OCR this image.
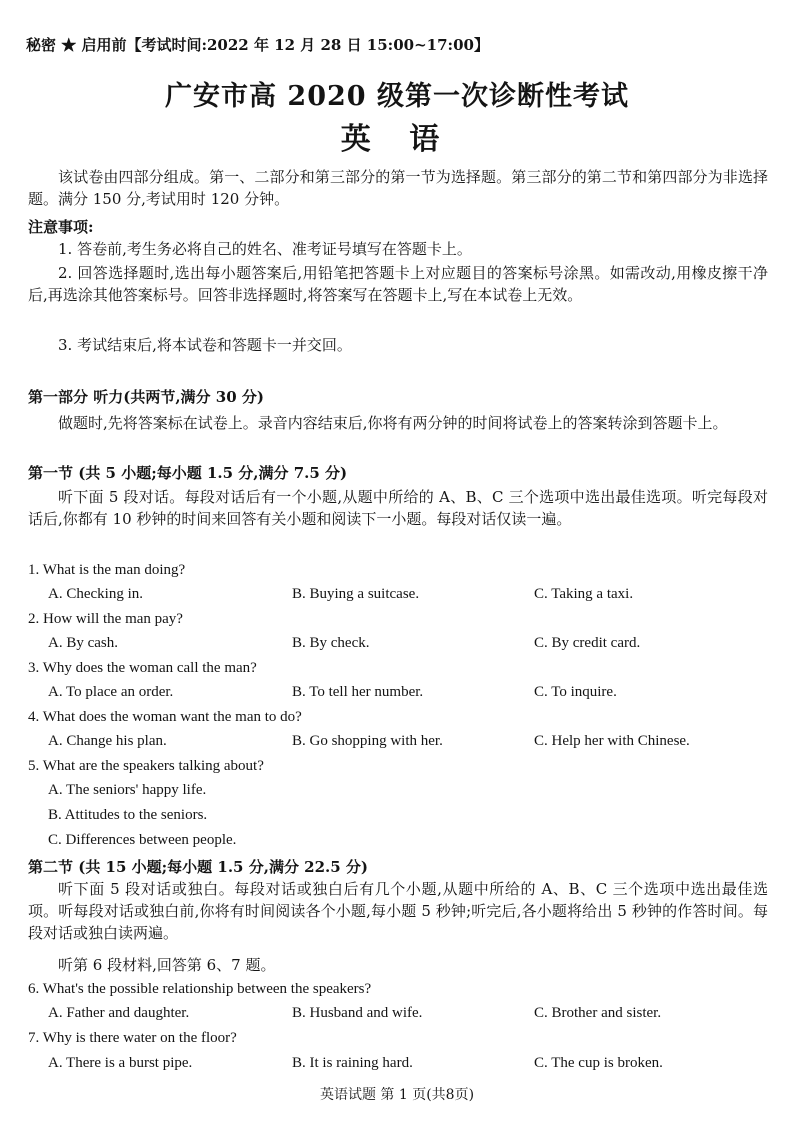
秘密 ★ 启用前【考试时间:2022 年 12 月 28 日 15:00~17:00】
广安市高 2020 级第一次诊断性考试
英 语
该试卷由四部分组成。第一、二部分和第三部分的第一节为选择题。第三部分的第二节和第四部分为非选择题。满分 150 分,考试用时 120 分钟。
注意事项:
1. 答卷前,考生务必将自己的姓名、准考证号填写在答题卡上。
2. 回答选择题时,选出每小题答案后,用铅笔把答题卡上对应题目的答案标号涂黑。如需改动,用橡皮擦干净后,再选涂其他答案标号。回答非选择题时,将答案写在答题卡上,写在本试卷上无效。
3. 考试结束后,将本试卷和答题卡一并交回。
第一部分 听力(共两节,满分 30 分)
做题时,先将答案标在试卷上。录音内容结束后,你将有两分钟的时间将试卷上的答案转涂到答题卡上。
第一节 (共 5 小题;每小题 1.5 分,满分 7.5 分)
听下面 5 段对话。每段对话后有一个小题,从题中所给的 A、B、C 三个选项中选出最佳选项。听完每段对话后,你都有 10 秒钟的时间来回答有关小题和阅读下一小题。每段对话仅读一遍。
1. What is the man doing?
A. Checking in.	B. Buying a suitcase.	C. Taking a taxi.
2. How will the man pay?
A. By cash.	B. By check.	C. By credit card.
3. Why does the woman call the man?
A. To place an order.	B. To tell her number.	C. To inquire.
4. What does the woman want the man to do?
A. Change his plan.	B. Go shopping with her.	C. Help her with Chinese.
5. What are the speakers talking about?
A. The seniors' happy life.
B. Attitudes to the seniors.
C. Differences between people.
第二节 (共 15 小题;每小题 1.5 分,满分 22.5 分)
听下面 5 段对话或独白。每段对话或独白后有几个小题,从题中所给的 A、B、C 三个选项中选出最佳选项。听每段对话或独白前,你将有时间阅读各个小题,每小题 5 秒钟;听完后,各小题将给出 5 秒钟的作答时间。每段对话或独白读两遍。
听第 6 段材料,回答第 6、7 题。
6. What's the possible relationship between the speakers?
A. Father and daughter.	B. Husband and wife.	C. Brother and sister.
7. Why is there water on the floor?
A. There is a burst pipe.	B. It is raining hard.	C. The cup is broken.
英语试题 第 1 页(共8页)
